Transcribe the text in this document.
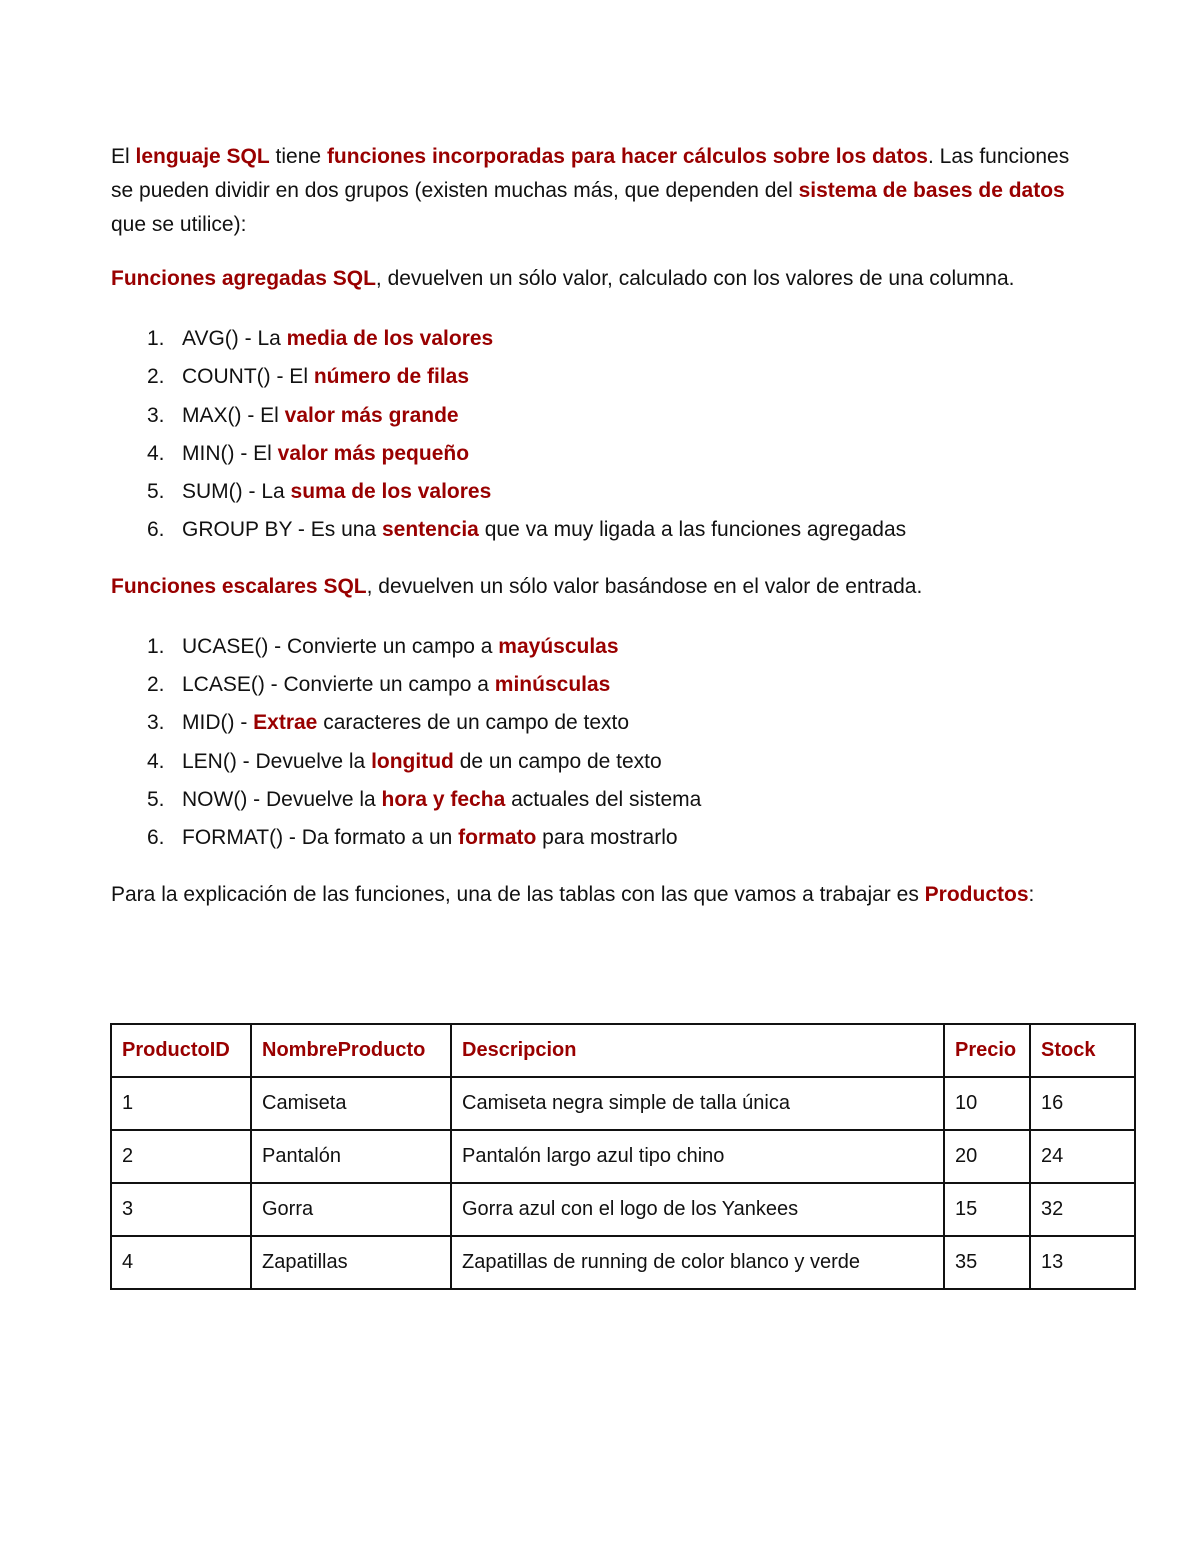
El lenguaje SQL tiene funciones incorporadas para hacer cálculos sobre los datos. Las funciones se pueden dividir en dos grupos (existen muchas más, que dependen del sistema de bases de datos que se utilice):

Funciones agregadas SQL, devuelven un sólo valor, calculado con los valores de una columna.

1. AVG() - La media de los valores
2. COUNT() - El número de filas
3. MAX() - El valor más grande
4. MIN() - El valor más pequeño
5. SUM() - La suma de los valores
6. GROUP BY - Es una sentencia que va muy ligada a las funciones agregadas

Funciones escalares SQL, devuelven un sólo valor basándose en el valor de entrada.

1. UCASE() - Convierte un campo a mayúsculas
2. LCASE() - Convierte un campo a minúsculas
3. MID() - Extrae caracteres de un campo de texto
4. LEN() - Devuelve la longitud de un campo de texto
5. NOW() - Devuelve la hora y fecha actuales del sistema
6. FORMAT() - Da formato a un formato para mostrarlo

Para la explicación de las funciones, una de las tablas con las que vamos a trabajar es Productos:

ProductoID	NombreProducto	Descripcion	Precio	Stock
1	Camiseta	Camiseta negra simple de talla única	10	16
2	Pantalón	Pantalón largo azul tipo chino	20	24
3	Gorra	Gorra azul con el logo de los Yankees	15	32
4	Zapatillas	Zapatillas de running de color blanco y verde	35	13
